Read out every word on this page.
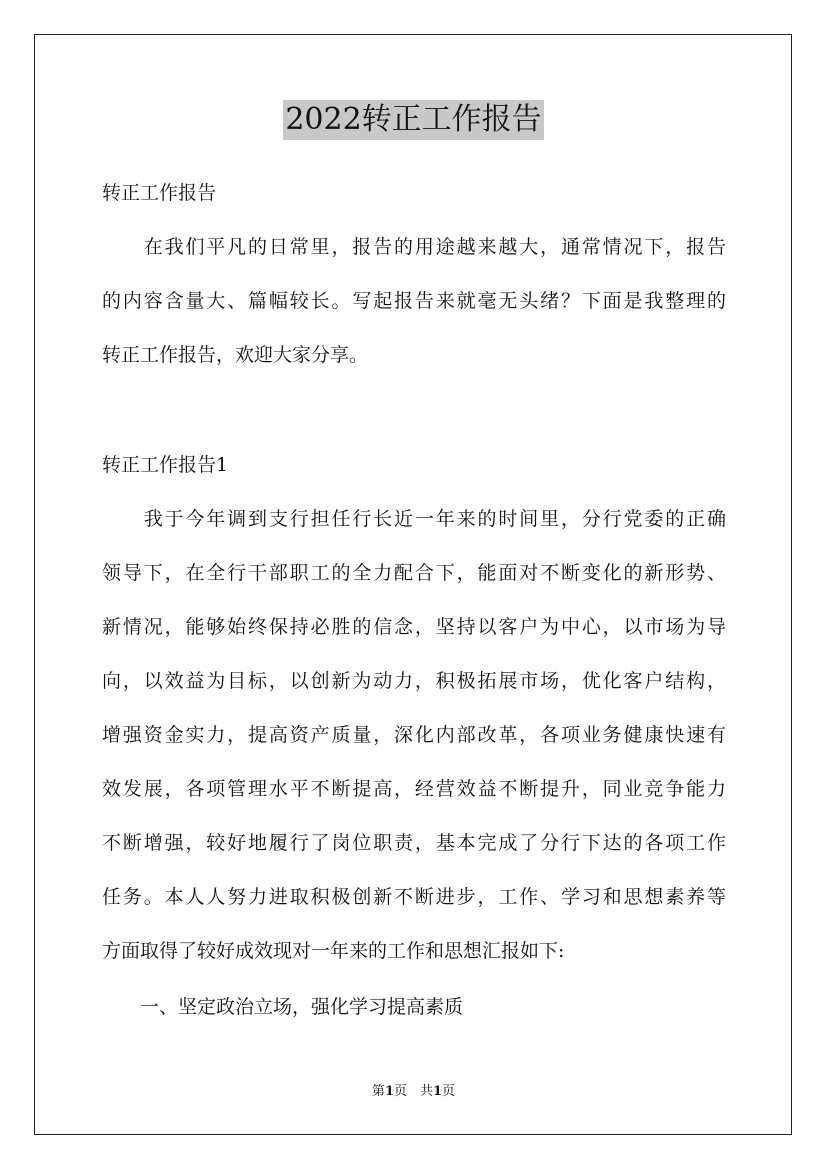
2022转正工作报告
转正工作报告
　　在我们平凡的日常里，报告的用途越来越大，通常情况下，报告
的内容含量大、篇幅较长。写起报告来就毫无头绪？下面是我整理的
转正工作报告，欢迎大家分享。
转正工作报告1
　　我于今年调到支行担任行长近一年来的时间里，分行党委的正确
领导下，在全行干部职工的全力配合下，能面对不断变化的新形势、
新情况，能够始终保持必胜的信念，坚持以客户为中心，以市场为导
向，以效益为目标，以创新为动力，积极拓展市场，优化客户结构，
增强资金实力，提高资产质量，深化内部改革，各项业务健康快速有
效发展，各项管理水平不断提高，经营效益不断提升，同业竞争能力
不断增强，较好地履行了岗位职责，基本完成了分行下达的各项工作
任务。本人人努力进取积极创新不断进步，工作、学习和思想素养等
方面取得了较好成效现对一年来的工作和思想汇报如下:
　　一、坚定政治立场，强化学习提高素质
第1页　共1页
